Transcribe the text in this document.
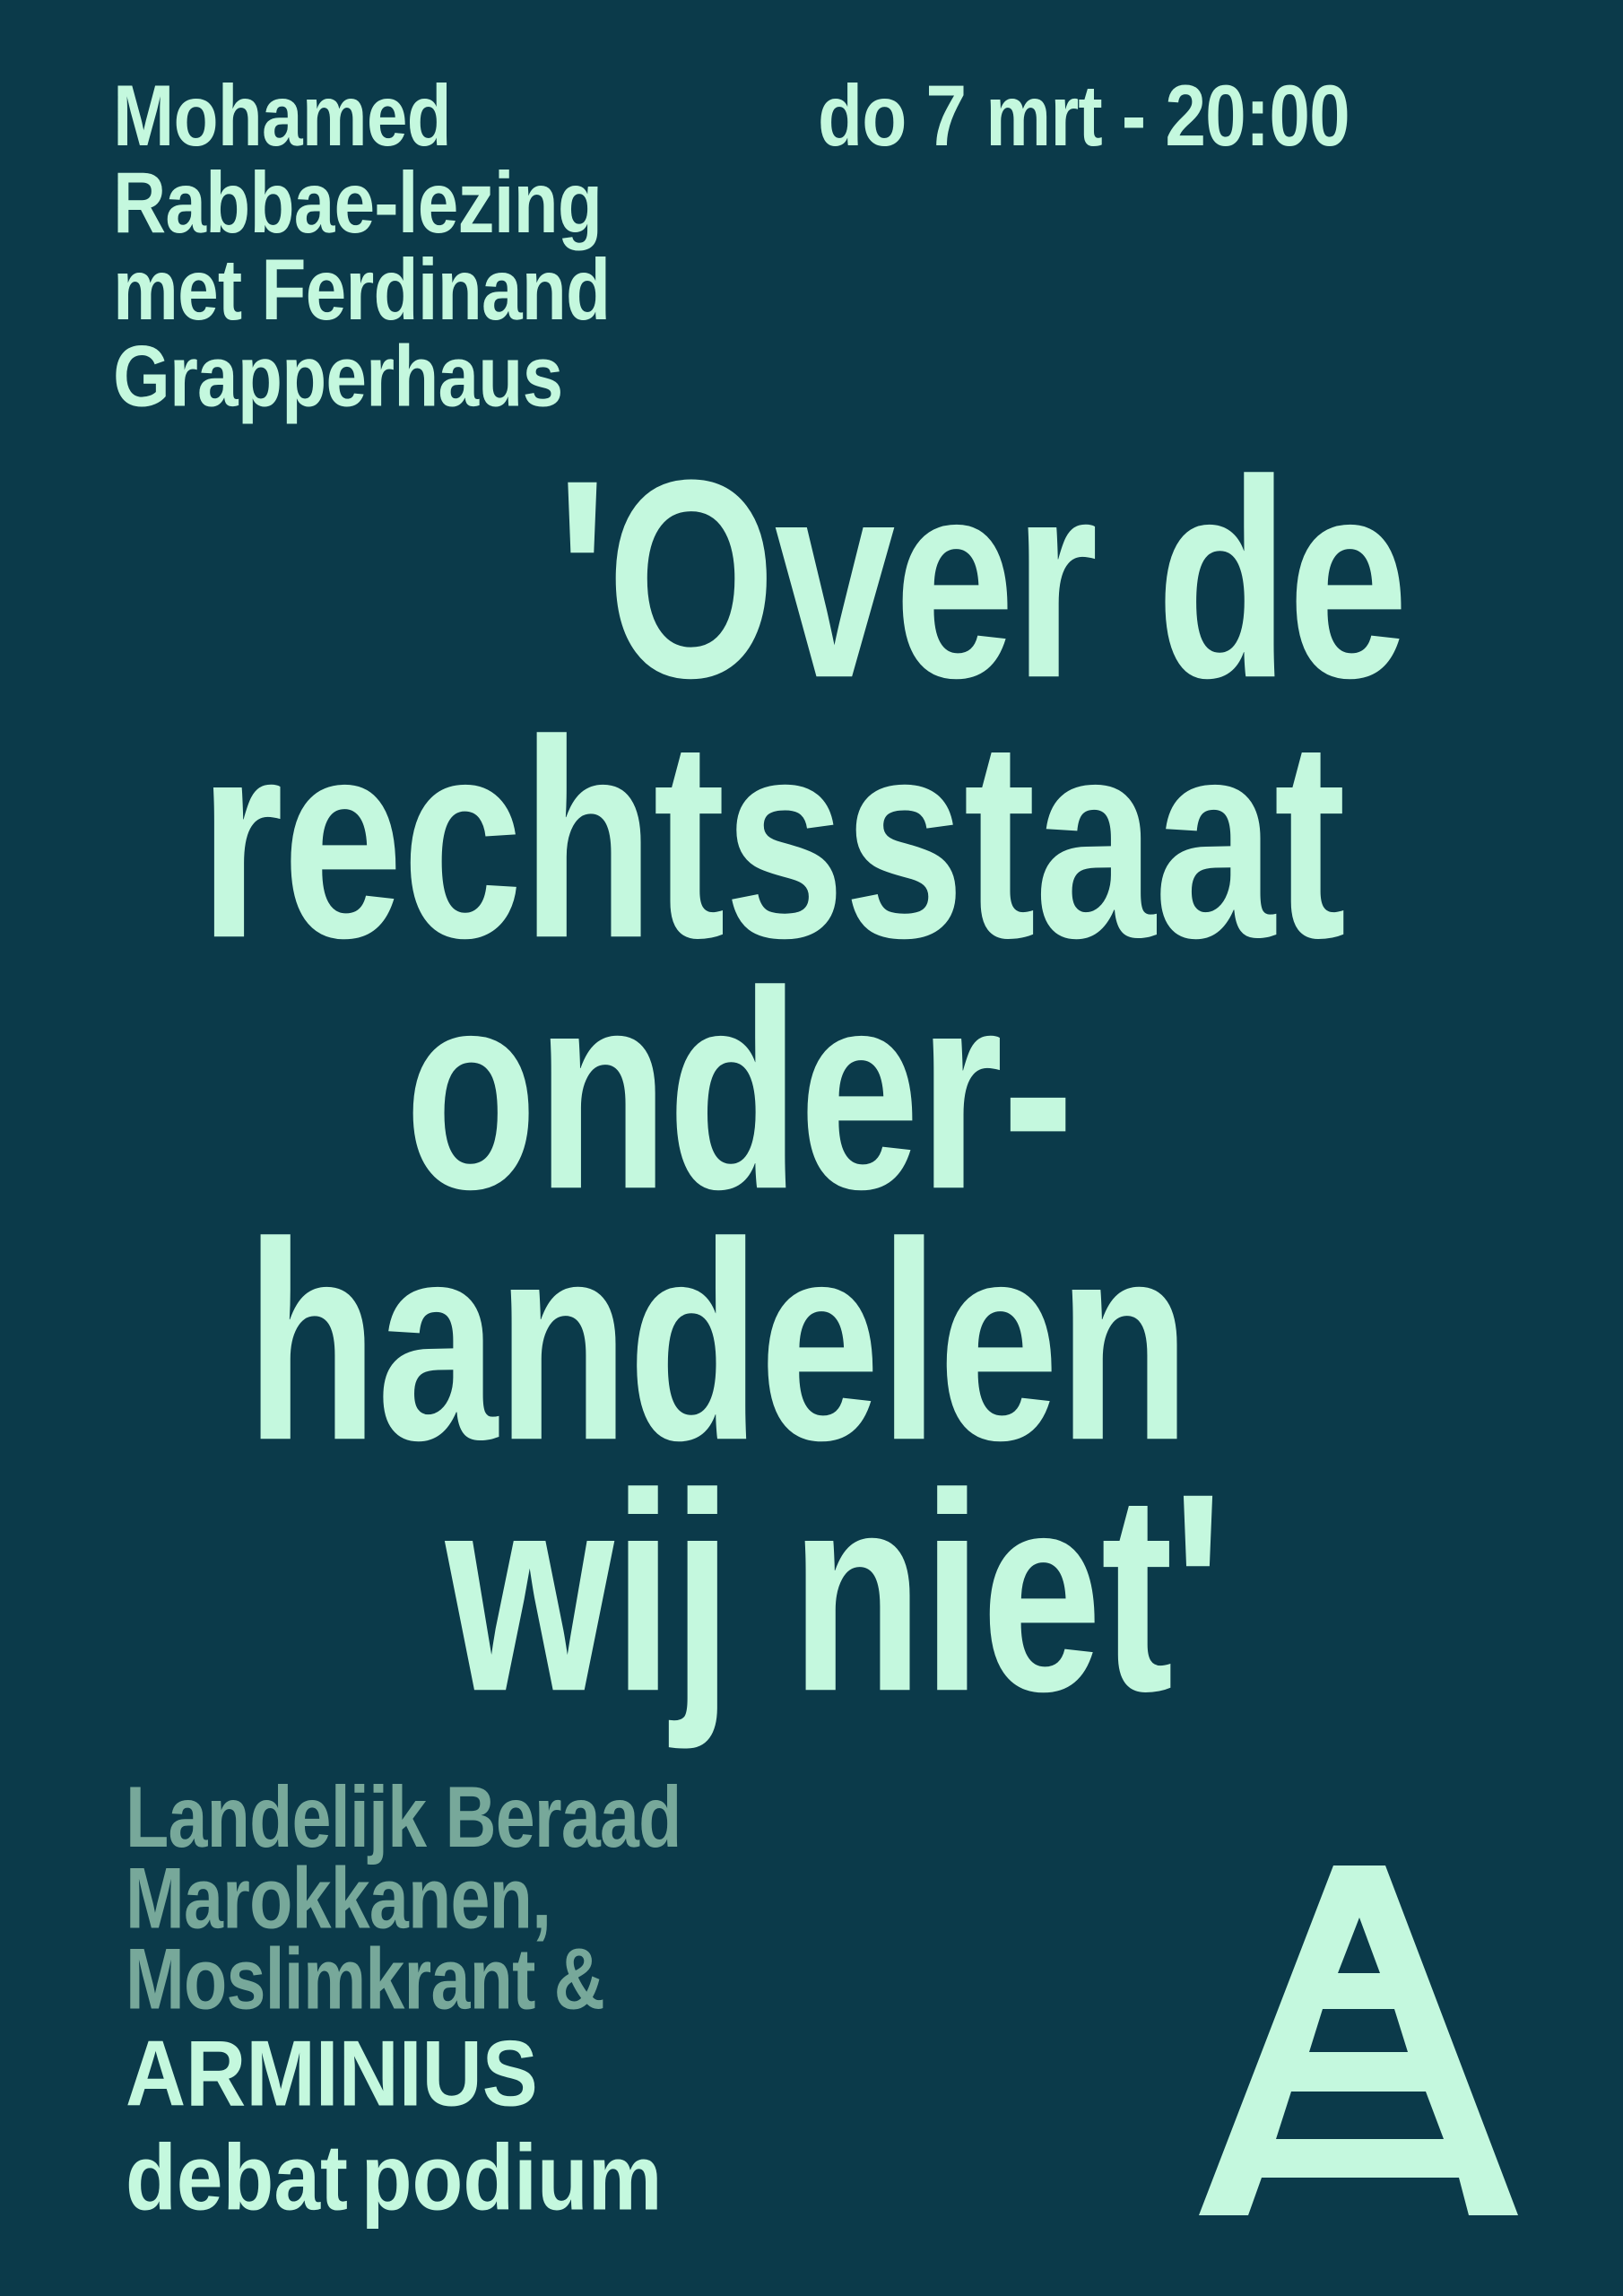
Mohamed
Rabbae-lezing
met Ferdinand
Grapperhaus
do 7 mrt - 20:00
'Over de
rechtsstaat
onder-
handelen
wij niet'
Landelijk Beraad
Marokkanen,
Moslimkrant &
ARMINIUS
debat podium
